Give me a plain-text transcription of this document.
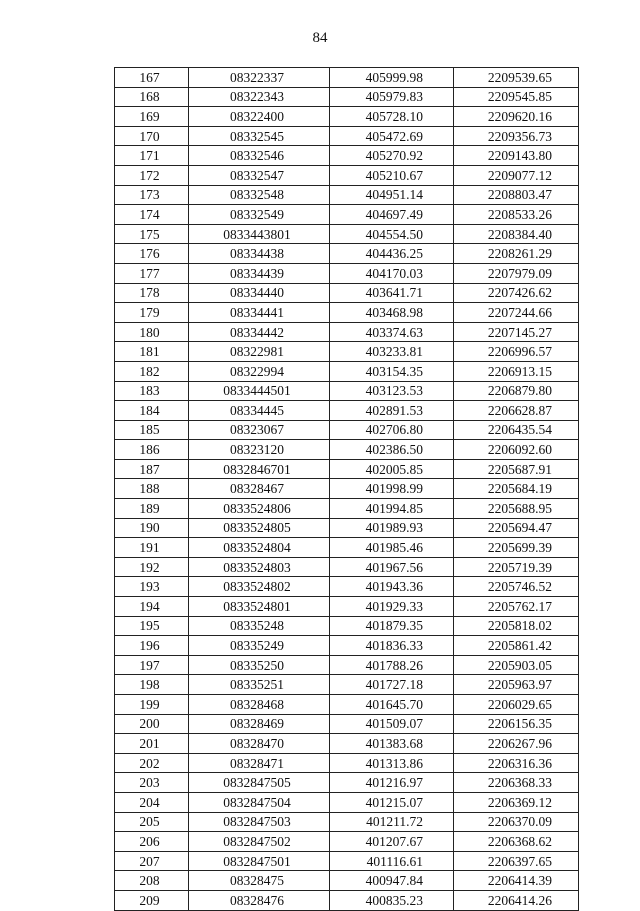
84
167	08322337	405999.98	2209539.65
168	08322343	405979.83	2209545.85
169	08322400	405728.10	2209620.16
170	08332545	405472.69	2209356.73
171	08332546	405270.92	2209143.80
172	08332547	405210.67	2209077.12
173	08332548	404951.14	2208803.47
174	08332549	404697.49	2208533.26
175	0833443801	404554.50	2208384.40
176	08334438	404436.25	2208261.29
177	08334439	404170.03	2207979.09
178	08334440	403641.71	2207426.62
179	08334441	403468.98	2207244.66
180	08334442	403374.63	2207145.27
181	08322981	403233.81	2206996.57
182	08322994	403154.35	2206913.15
183	0833444501	403123.53	2206879.80
184	08334445	402891.53	2206628.87
185	08323067	402706.80	2206435.54
186	08323120	402386.50	2206092.60
187	0832846701	402005.85	2205687.91
188	08328467	401998.99	2205684.19
189	0833524806	401994.85	2205688.95
190	0833524805	401989.93	2205694.47
191	0833524804	401985.46	2205699.39
192	0833524803	401967.56	2205719.39
193	0833524802	401943.36	2205746.52
194	0833524801	401929.33	2205762.17
195	08335248	401879.35	2205818.02
196	08335249	401836.33	2205861.42
197	08335250	401788.26	2205903.05
198	08335251	401727.18	2205963.97
199	08328468	401645.70	2206029.65
200	08328469	401509.07	2206156.35
201	08328470	401383.68	2206267.96
202	08328471	401313.86	2206316.36
203	0832847505	401216.97	2206368.33
204	0832847504	401215.07	2206369.12
205	0832847503	401211.72	2206370.09
206	0832847502	401207.67	2206368.62
207	0832847501	401116.61	2206397.65
208	08328475	400947.84	2206414.39
209	08328476	400835.23	2206414.26
